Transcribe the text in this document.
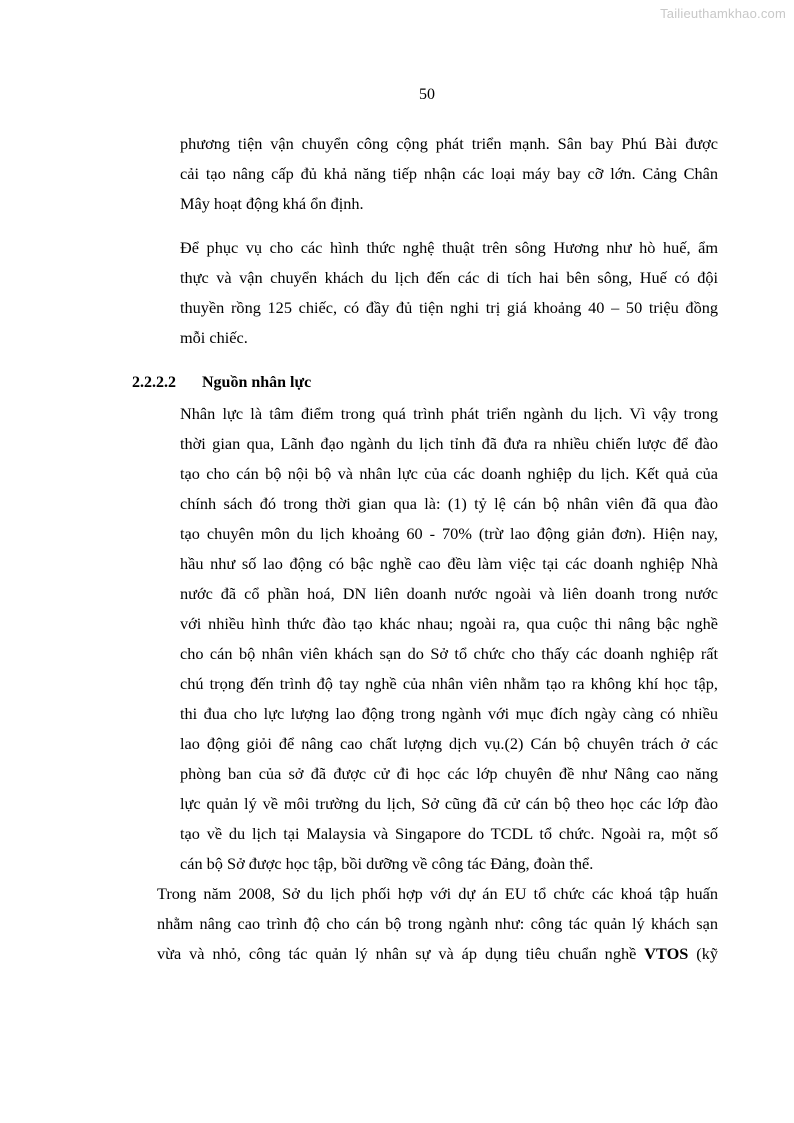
Tailieuthamkhao.com
50
phương tiện vận chuyển công cộng phát triển mạnh. Sân bay Phú Bài được
cải tạo nâng cấp đủ khả năng tiếp nhận các loại máy bay cỡ lớn. Cảng Chân
Mây hoạt động khá ổn định.
Để phục vụ cho các hình thức nghệ thuật trên sông Hương như hò huế, ẩm
thực và vận chuyển khách du lịch đến các di tích hai bên sông, Huế có đội
thuyền rồng 125 chiếc, có đầy đủ tiện nghi trị giá khoảng 40 – 50 triệu đồng
mỗi chiếc.
2.2.2.2 Nguồn nhân lực
Nhân lực là tâm điểm trong quá trình phát triển ngành du lịch. Vì vậy trong
thời gian qua, Lãnh đạo ngành du lịch tỉnh đã đưa ra nhiều chiến lược để đào
tạo cho cán bộ nội bộ và nhân lực của các doanh nghiệp du lịch. Kết quả của
chính sách đó trong thời gian qua là: (1) tỷ lệ cán bộ nhân viên đã qua đào
tạo chuyên môn du lịch khoảng 60 - 70% (trừ lao động giản đơn). Hiện nay,
hầu như số lao động có bậc nghề cao đều làm việc tại các doanh nghiệp Nhà
nước đã cổ phần hoá, DN liên doanh nước ngoài và liên doanh trong nước
với nhiều hình thức đào tạo khác nhau; ngoài ra, qua cuộc thi nâng bậc nghề
cho cán bộ nhân viên khách sạn do Sở tổ chức cho thấy các doanh nghiệp rất
chú trọng đến trình độ tay nghề của nhân viên nhằm tạo ra không khí học tập,
thi đua cho lực lượng lao động trong ngành với mục đích ngày càng có nhiều
lao động giỏi để nâng cao chất lượng dịch vụ.(2) Cán bộ chuyên trách ở các
phòng ban của sở đã được cử đi học các lớp chuyên đề như Nâng cao năng
lực quản lý về môi trường du lịch, Sở cũng đã cử cán bộ theo học các lớp đào
tạo về du lịch tại Malaysia và Singapore do TCDL tổ chức. Ngoài ra, một số
cán bộ Sở được học tập, bồi dưỡng về công tác Đảng, đoàn thể.
Trong năm 2008, Sở du lịch phối hợp với dự án EU tổ chức các khoá tập huấn
nhằm nâng cao trình độ cho cán bộ trong ngành như: công tác quản lý khách sạn
vừa và nhỏ, công tác quản lý nhân sự và áp dụng tiêu chuẩn nghề VTOS (kỹ
